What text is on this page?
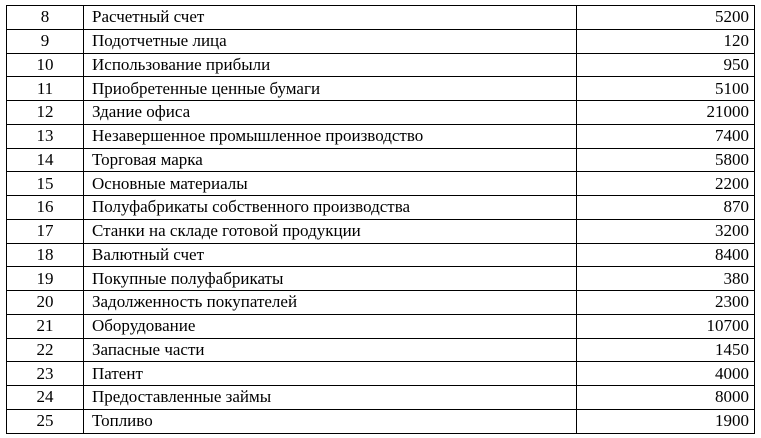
8	Расчетный счет	5200
9	Подотчетные лица	120
10	Использование прибыли	950
11	Приобретенные ценные бумаги	5100
12	Здание офиса	21000
13	Незавершенное промышленное производство	7400
14	Торговая марка	5800
15	Основные материалы	2200
16	Полуфабрикаты собственного производства	870
17	Станки на складе готовой продукции	3200
18	Валютный счет	8400
19	Покупные полуфабрикаты	380
20	Задолженность покупателей	2300
21	Оборудование	10700
22	Запасные части	1450
23	Патент	4000
24	Предоставленные займы	8000
25	Топливо	1900
